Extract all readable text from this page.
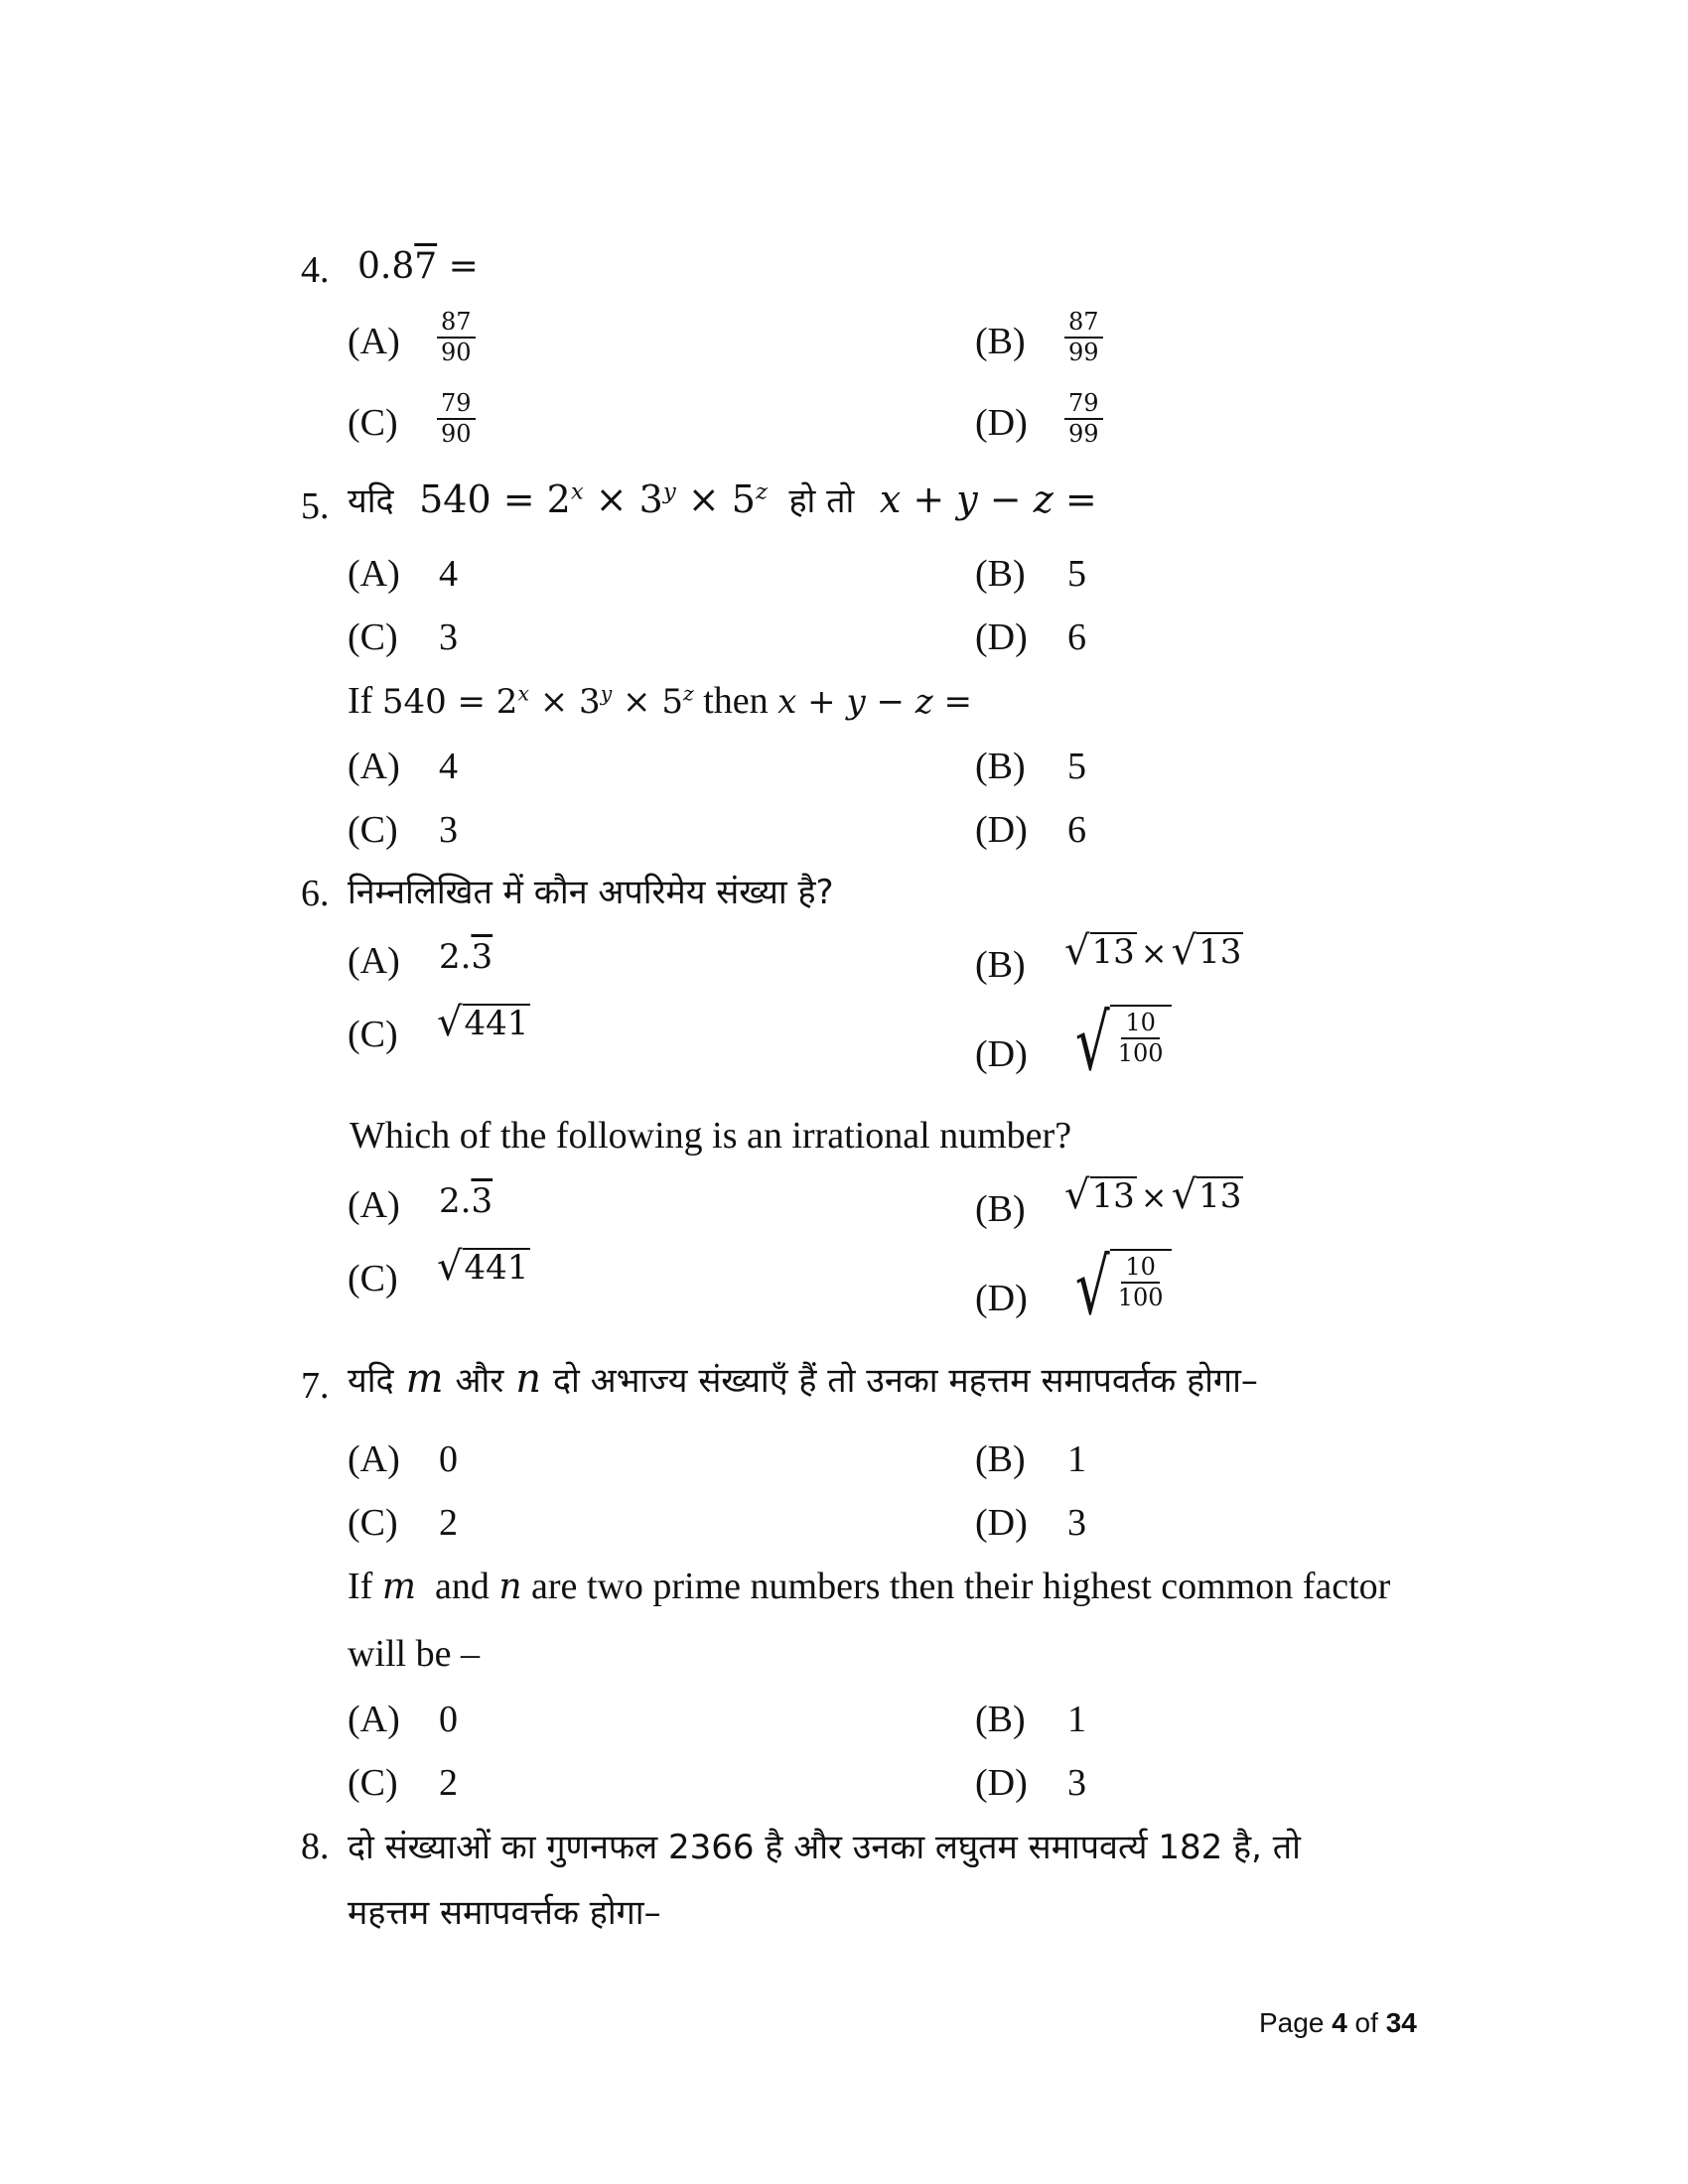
4. 0.87 =
$(A) \frac{87}{90}$	$(B) \frac{87}{99}$
$(C) \frac{79}{90}$	$(D) \frac{79}{99}$
5. यदि $540 = 2^x \times 3^y \times 5^z$ हो तो x + y − z =
(A) 4	(B) 5
(C) 3	(D) 6
If $540 = 2^x \times 3^y \times 5^z$ then x + y − z =
(A) 4	(B) 5
(C) 3	(D) 6
6. निम्नलिखित में कौन अपरिमेय संख्या है?
(A) 2.3	(B) √ 13 × √ 13
(C) √ 441
(D) √ $\frac{10}{100}$
Which of the following is an irrational number?
(A) 2.3	(B) √ 13 × √ 13
(C) √ 441
(D) √ $\frac{10}{100}$
7. यदि m और n दो अभाज्य संख्याएँ हैं तो उनका महत्तम समापवर्तक होगा–
(A) 0	(B) 1
(C) 2	(D) 3
If m and n are two prime numbers then their highest common factor
will be –
(A) 0	(B) 1
(C) 2	(D) 3
8. दो संख्याओं का गुणनफल 2366 है और उनका लघुतम समापवर्त्य 182 है, तो
महत्तम समापवर्त्तक होगा–
Page 4 of 34
